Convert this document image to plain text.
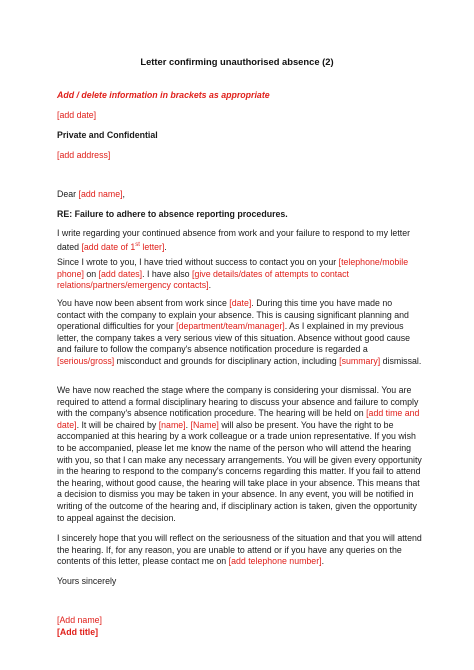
Letter confirming unauthorised absence (2)
Add / delete information in brackets as appropriate
[add date]
Private and Confidential
[add address]
Dear [add name],
RE: Failure to adhere to absence reporting procedures.
I write regarding your continued absence from work and your failure to respond to my letter dated [add date of 1st letter].
Since I wrote to you, I have tried without success to contact you on your [telephone/mobile phone] on [add dates]. I have also [give details/dates of attempts to contact relations/partners/emergency contacts].
You have now been absent from work since [date]. During this time you have made no contact with the company to explain your absence. This is causing significant planning and operational difficulties for your [department/team/manager]. As I explained in my previous letter, the company takes a very serious view of this situation. Absence without good cause and failure to follow the company's absence notification procedure is regarded a [serious/gross] misconduct and grounds for disciplinary action, including [summary] dismissal.
We have now reached the stage where the company is considering your dismissal. You are required to attend a formal disciplinary hearing to discuss your absence and failure to comply with the company's absence notification procedure. The hearing will be held on [add time and date]. It will be chaired by [name]. [Name] will also be present. You have the right to be accompanied at this hearing by a work colleague or a trade union representative. If you wish to be accompanied, please let me know the name of the person who will attend the hearing with you, so that I can make any necessary arrangements. You will be given every opportunity in the hearing to respond to the company's concerns regarding this matter. If you fail to attend the hearing, without good cause, the hearing will take place in your absence. This means that a decision to dismiss you may be taken in your absence. In any event, you will be notified in writing of the outcome of the hearing and, if disciplinary action is taken, given the opportunity to appeal against the decision.
I sincerely hope that you will reflect on the seriousness of the situation and that you will attend the hearing. If, for any reason, you are unable to attend or if you have any queries on the contents of this letter, please contact me on [add telephone number].
Yours sincerely
[Add name]
[Add title]
